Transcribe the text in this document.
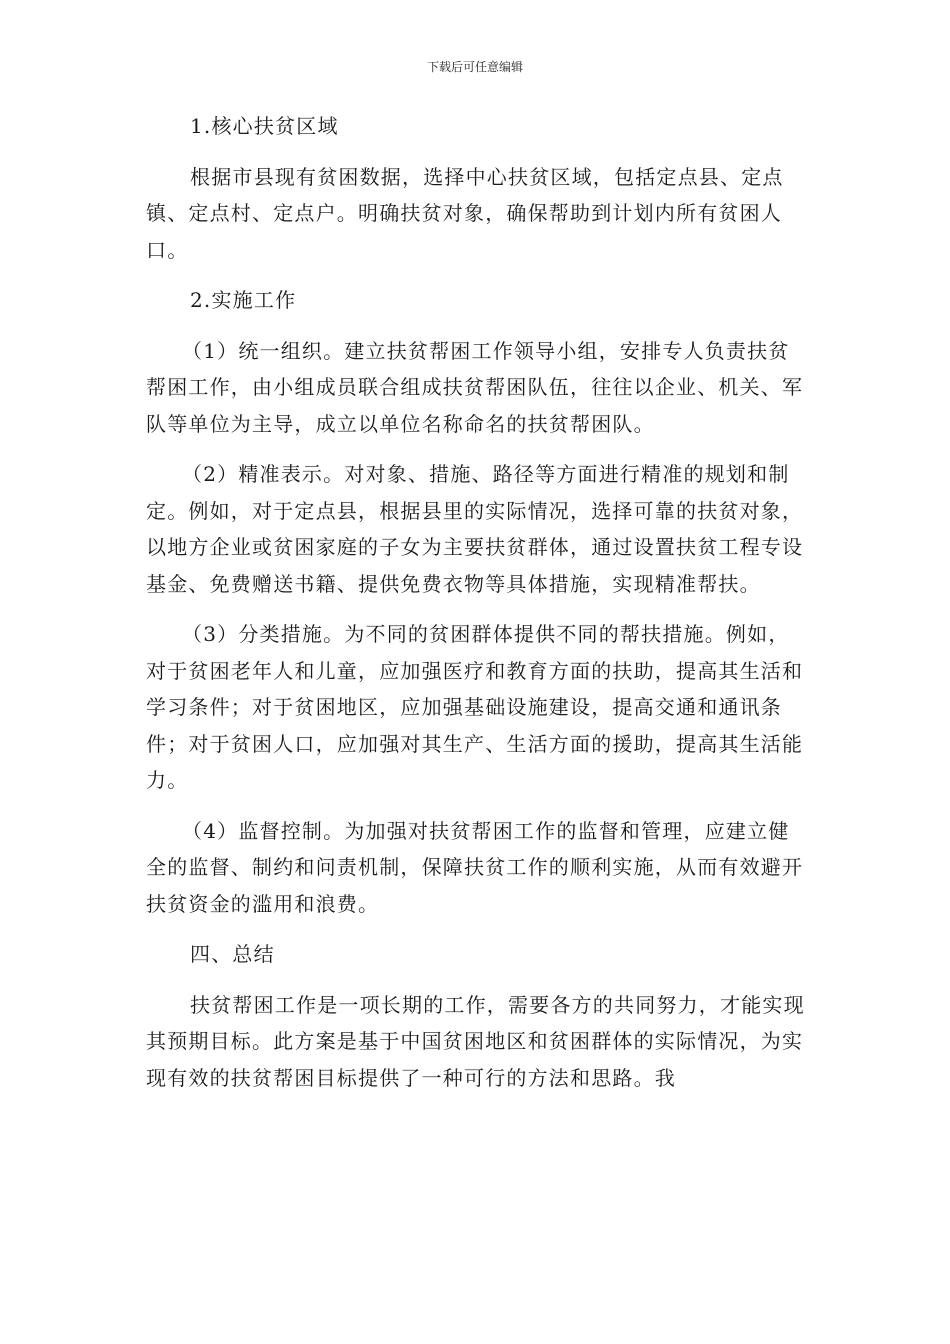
下载后可任意编辑

1.核心扶贫区域

根据市县现有贫困数据，选择中心扶贫区域，包括定点县、定点镇、定点村、定点户。明确扶贫对象，确保帮助到计划内所有贫困人口。

2.实施工作

（1）统一组织。建立扶贫帮困工作领导小组，安排专人负责扶贫帮困工作，由小组成员联合组成扶贫帮困队伍，往往以企业、机关、军队等单位为主导，成立以单位名称命名的扶贫帮困队。

（2）精准表示。对对象、措施、路径等方面进行精准的规划和制定。例如，对于定点县，根据县里的实际情况，选择可靠的扶贫对象，以地方企业或贫困家庭的子女为主要扶贫群体，通过设置扶贫工程专设基金、免费赠送书籍、提供免费衣物等具体措施，实现精准帮扶。

（3）分类措施。为不同的贫困群体提供不同的帮扶措施。例如，对于贫困老年人和儿童，应加强医疗和教育方面的扶助，提高其生活和学习条件；对于贫困地区，应加强基础设施建设，提高交通和通讯条件；对于贫困人口，应加强对其生产、生活方面的援助，提高其生活能力。

（4）监督控制。为加强对扶贫帮困工作的监督和管理，应建立健全的监督、制约和问责机制，保障扶贫工作的顺利实施，从而有效避开扶贫资金的滥用和浪费。

四、总结

扶贫帮困工作是一项长期的工作，需要各方的共同努力，才能实现其预期目标。此方案是基于中国贫困地区和贫困群体的实际情况，为实现有效的扶贫帮困目标提供了一种可行的方法和思路。我
